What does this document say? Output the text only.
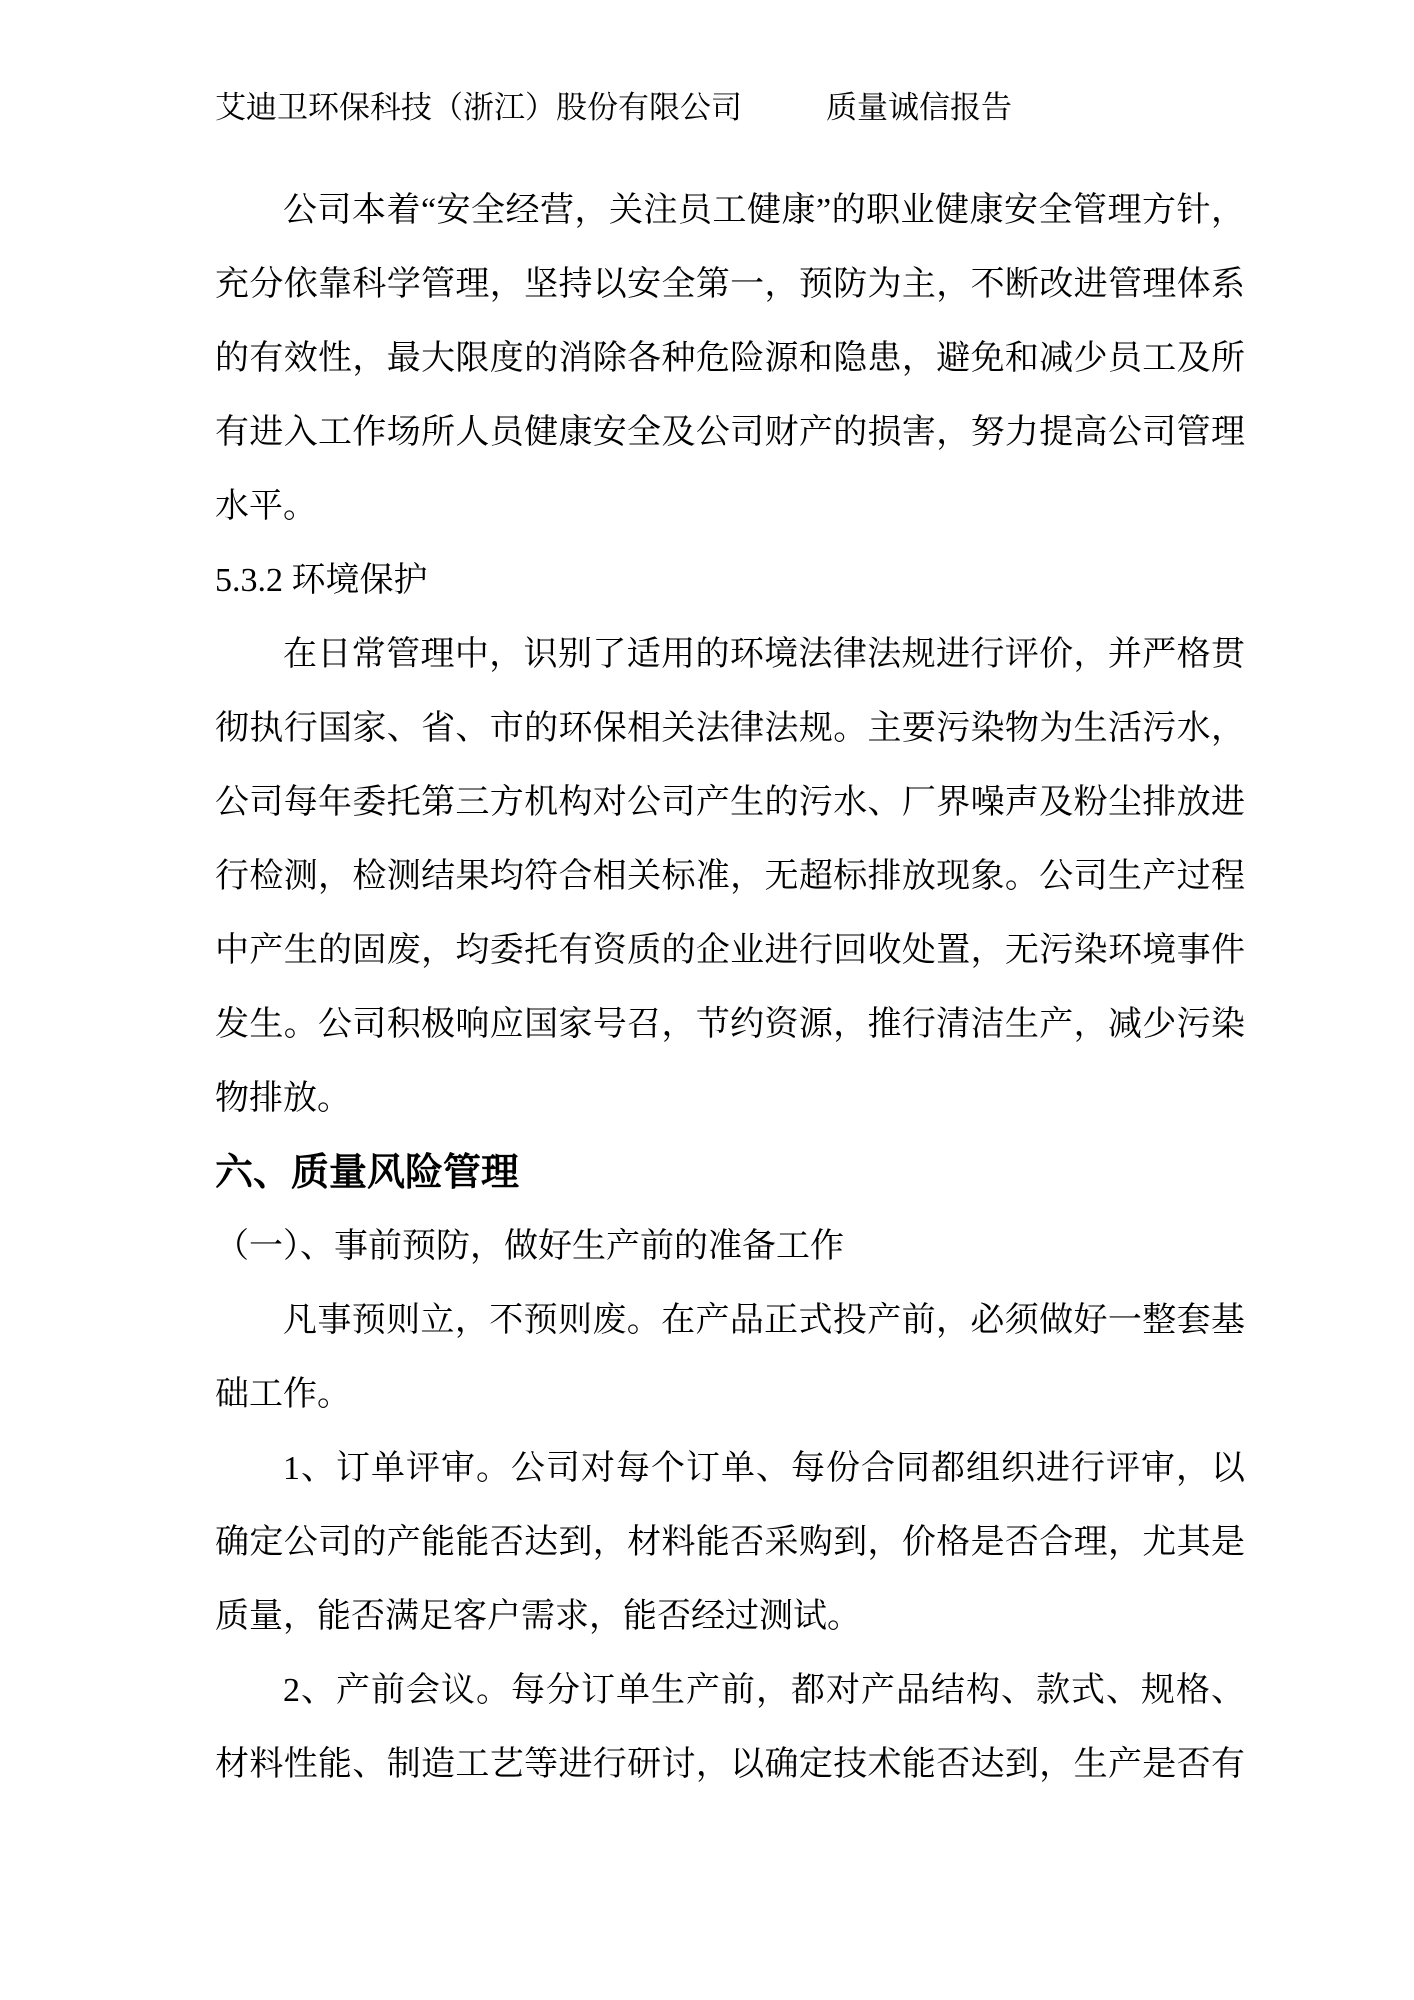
艾迪卫环保科技（浙江）股份有限公司	质量诚信报告
公司本着“安全经营，关注员工健康”的职业健康安全管理方针，
充分依靠科学管理，坚持以安全第一，预防为主，不断改进管理体系
的有效性，最大限度的消除各种危险源和隐患，避免和减少员工及所
有进入工作场所人员健康安全及公司财产的损害，努力提高公司管理
水平。
5.3.2 环境保护
在日常管理中，识别了适用的环境法律法规进行评价，并严格贯
彻执行国家、省、市的环保相关法律法规。主要污染物为生活污水，
公司每年委托第三方机构对公司产生的污水、厂界噪声及粉尘排放进
行检测，检测结果均符合相关标准，无超标排放现象。公司生产过程
中产生的固废，均委托有资质的企业进行回收处置，无污染环境事件
发生。公司积极响应国家号召，节约资源，推行清洁生产，减少污染
物排放。
六、质量风险管理
（一）、事前预防，做好生产前的准备工作
凡事预则立，不预则废。在产品正式投产前，必须做好一整套基
础工作。
1、订单评审。公司对每个订单、每份合同都组织进行评审，以
确定公司的产能能否达到，材料能否采购到，价格是否合理，尤其是
质量，能否满足客户需求，能否经过测试。
2、产前会议。每分订单生产前，都对产品结构、款式、规格、
材料性能、制造工艺等进行研讨，以确定技术能否达到，生产是否有
